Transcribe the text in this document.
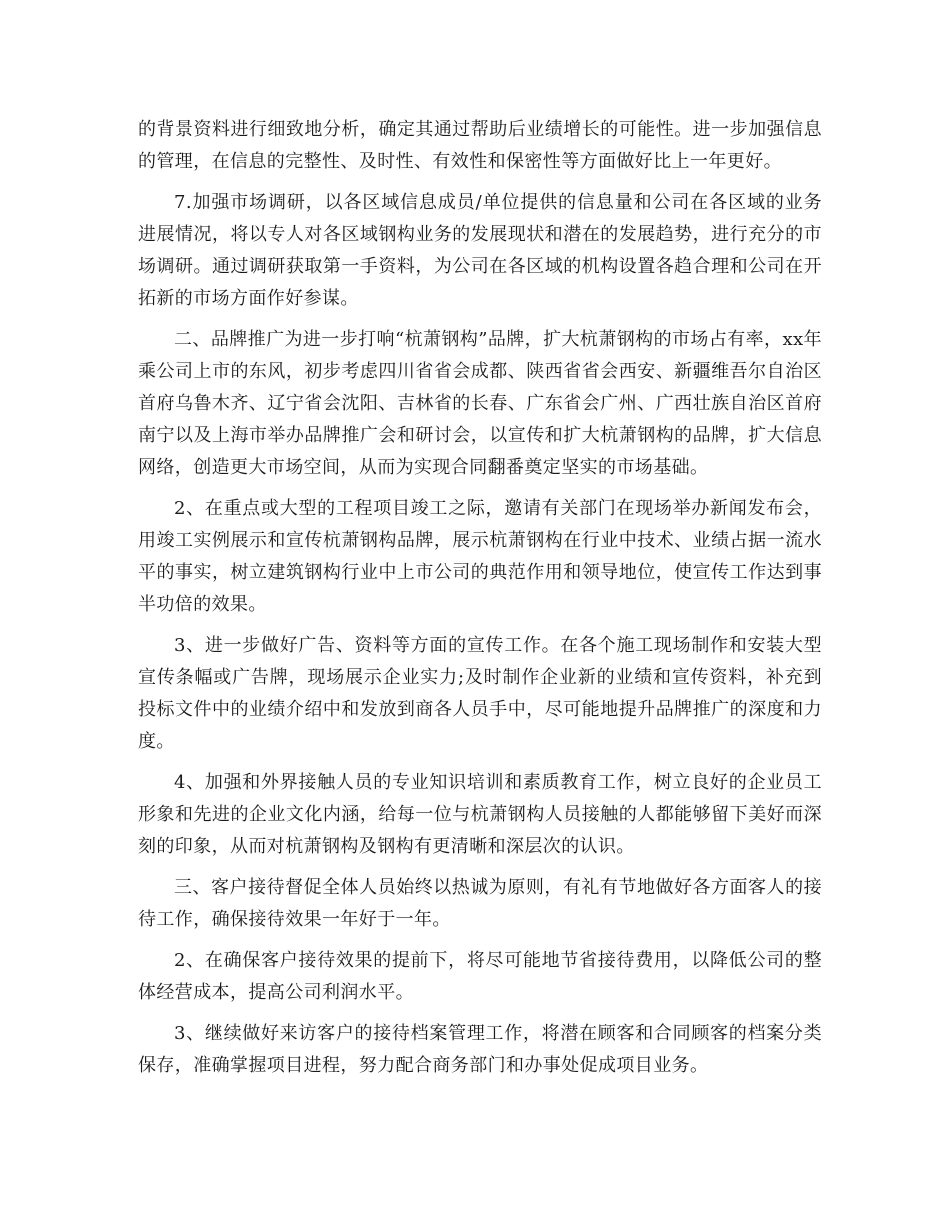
的背景资料进行细致地分析，确定其通过帮助后业绩增长的可能性。进一步加强信息的管理，在信息的完整性、及时性、有效性和保密性等方面做好比上一年更好。

7.加强市场调研，以各区域信息成员/单位提供的信息量和公司在各区域的业务进展情况，将以专人对各区域钢构业务的发展现状和潜在的发展趋势，进行充分的市场调研。通过调研获取第一手资料，为公司在各区域的机构设置各趋合理和公司在开拓新的市场方面作好参谋。

二、品牌推广为进一步打响“杭萧钢构”品牌，扩大杭萧钢构的市场占有率，xx年乘公司上市的东风，初步考虑四川省省会成都、陕西省省会西安、新疆维吾尔自治区首府乌鲁木齐、辽宁省会沈阳、吉林省的长春、广东省会广州、广西壮族自治区首府南宁以及上海市举办品牌推广会和研讨会，以宣传和扩大杭萧钢构的品牌，扩大信息网络，创造更大市场空间，从而为实现合同翻番奠定坚实的市场基础。

2、在重点或大型的工程项目竣工之际，邀请有关部门在现场举办新闻发布会，用竣工实例展示和宣传杭萧钢构品牌，展示杭萧钢构在行业中技术、业绩占据一流水平的事实，树立建筑钢构行业中上市公司的典范作用和领导地位，使宣传工作达到事半功倍的效果。

3、进一步做好广告、资料等方面的宣传工作。在各个施工现场制作和安装大型宣传条幅或广告牌，现场展示企业实力;及时制作企业新的业绩和宣传资料，补充到投标文件中的业绩介绍中和发放到商各人员手中，尽可能地提升品牌推广的深度和力度。

4、加强和外界接触人员的专业知识培训和素质教育工作，树立良好的企业员工形象和先进的企业文化内涵，给每一位与杭萧钢构人员接触的人都能够留下美好而深刻的印象，从而对杭萧钢构及钢构有更清晰和深层次的认识。

三、客户接待督促全体人员始终以热诚为原则，有礼有节地做好各方面客人的接待工作，确保接待效果一年好于一年。

2、在确保客户接待效果的提前下，将尽可能地节省接待费用，以降低公司的整体经营成本，提高公司利润水平。

3、继续做好来访客户的接待档案管理工作，将潜在顾客和合同顾客的档案分类保存，准确掌握项目进程，努力配合商务部门和办事处促成项目业务。
